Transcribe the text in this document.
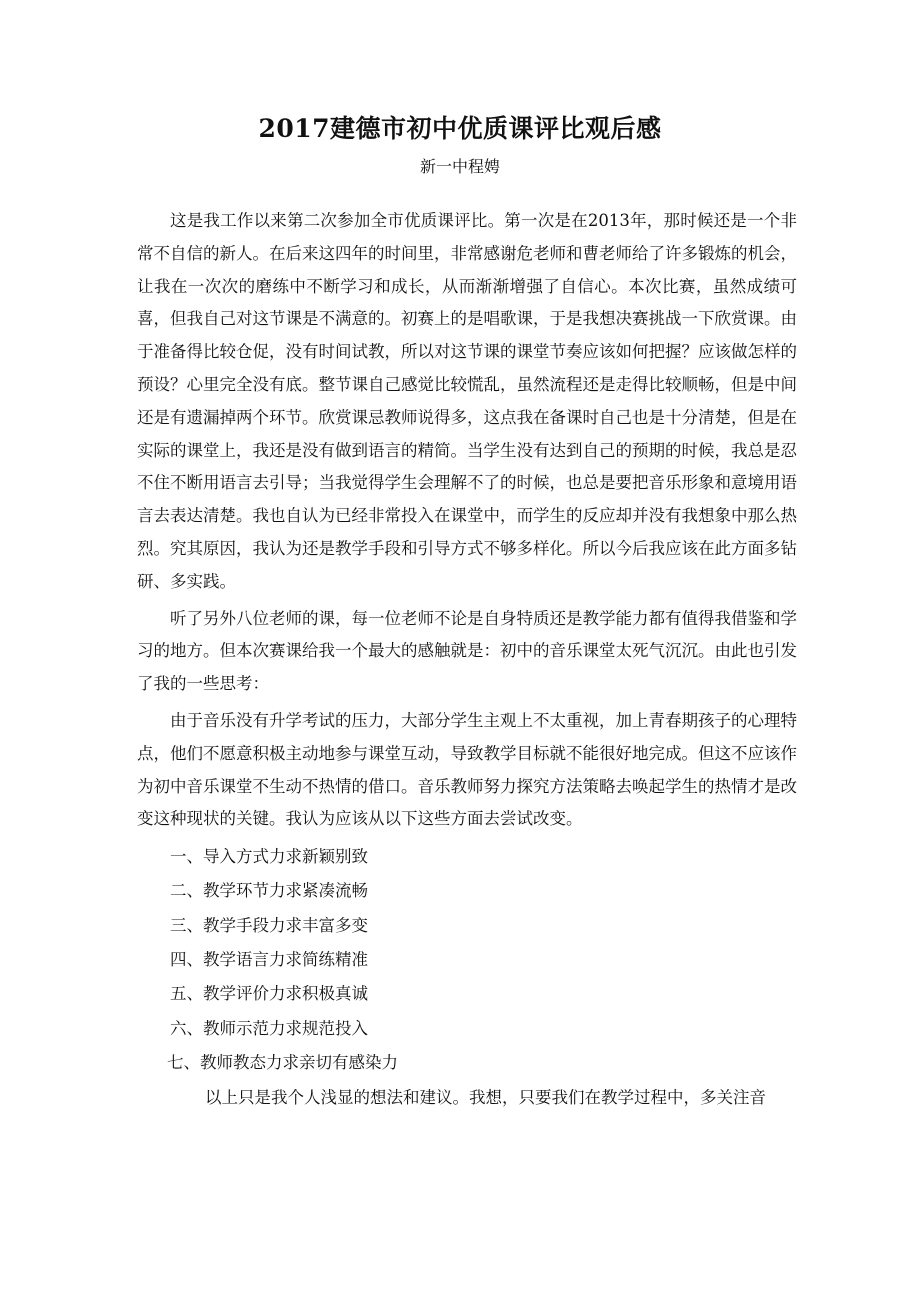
2017建德市初中优质课评比观后感
新一中程娉

这是我工作以来第二次参加全市优质课评比。第一次是在2013年，那时候还是一个非常不自信的新人。在后来这四年的时间里，非常感谢危老师和曹老师给了许多锻炼的机会，让我在一次次的磨练中不断学习和成长，从而渐渐增强了自信心。本次比赛，虽然成绩可喜，但我自己对这节课是不满意的。初赛上的是唱歌课，于是我想决赛挑战一下欣赏课。由于准备得比较仓促，没有时间试教，所以对这节课的课堂节奏应该如何把握？应该做怎样的预设？心里完全没有底。整节课自己感觉比较慌乱，虽然流程还是走得比较顺畅，但是中间还是有遗漏掉两个环节。欣赏课忌教师说得多，这点我在备课时自己也是十分清楚，但是在实际的课堂上，我还是没有做到语言的精简。当学生没有达到自己的预期的时候，我总是忍不住不断用语言去引导；当我觉得学生会理解不了的时候，也总是要把音乐形象和意境用语言去表达清楚。我也自认为已经非常投入在课堂中，而学生的反应却并没有我想象中那么热烈。究其原因，我认为还是教学手段和引导方式不够多样化。所以今后我应该在此方面多钻研、多实践。

听了另外八位老师的课，每一位老师不论是自身特质还是教学能力都有值得我借鉴和学习的地方。但本次赛课给我一个最大的感触就是：初中的音乐课堂太死气沉沉。由此也引发了我的一些思考：

由于音乐没有升学考试的压力，大部分学生主观上不太重视，加上青春期孩子的心理特点，他们不愿意积极主动地参与课堂互动，导致教学目标就不能很好地完成。但这不应该作为初中音乐课堂不生动不热情的借口。音乐教师努力探究方法策略去唤起学生的热情才是改变这种现状的关键。我认为应该从以下这些方面去尝试改变。

一、导入方式力求新颖别致
二、教学环节力求紧凑流畅
三、教学手段力求丰富多变
四、教学语言力求简练精准
五、教学评价力求积极真诚
六、教师示范力求规范投入
七、教师教态力求亲切有感染力

以上只是我个人浅显的想法和建议。我想，只要我们在教学过程中，多关注音
